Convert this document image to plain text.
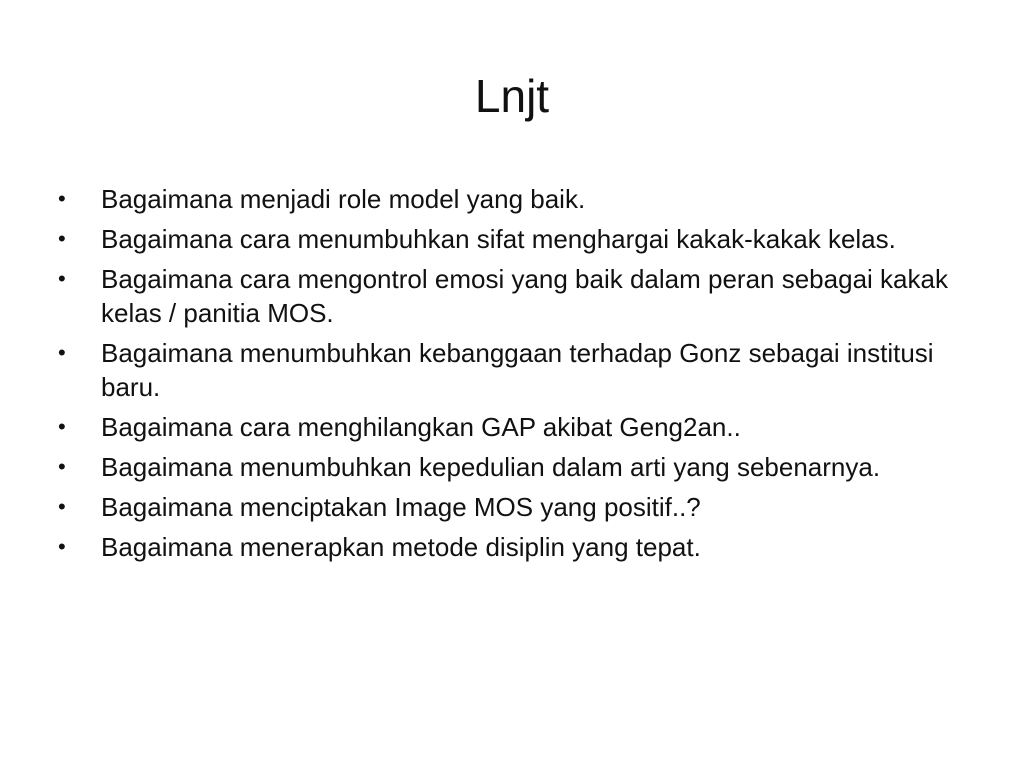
Lnjt
•	Bagaimana menjadi role model yang baik.
•	Bagaimana cara menumbuhkan sifat menghargai kakak-kakak kelas.
•	Bagaimana cara mengontrol emosi yang baik dalam peran sebagai kakak kelas / panitia MOS.
•	Bagaimana menumbuhkan kebanggaan terhadap Gonz sebagai institusi baru.
•	Bagaimana cara menghilangkan GAP akibat Geng2an..
•	Bagaimana menumbuhkan kepedulian dalam arti yang sebenarnya.
•	Bagaimana menciptakan Image MOS yang positif..?
•	Bagaimana menerapkan metode disiplin yang tepat.
